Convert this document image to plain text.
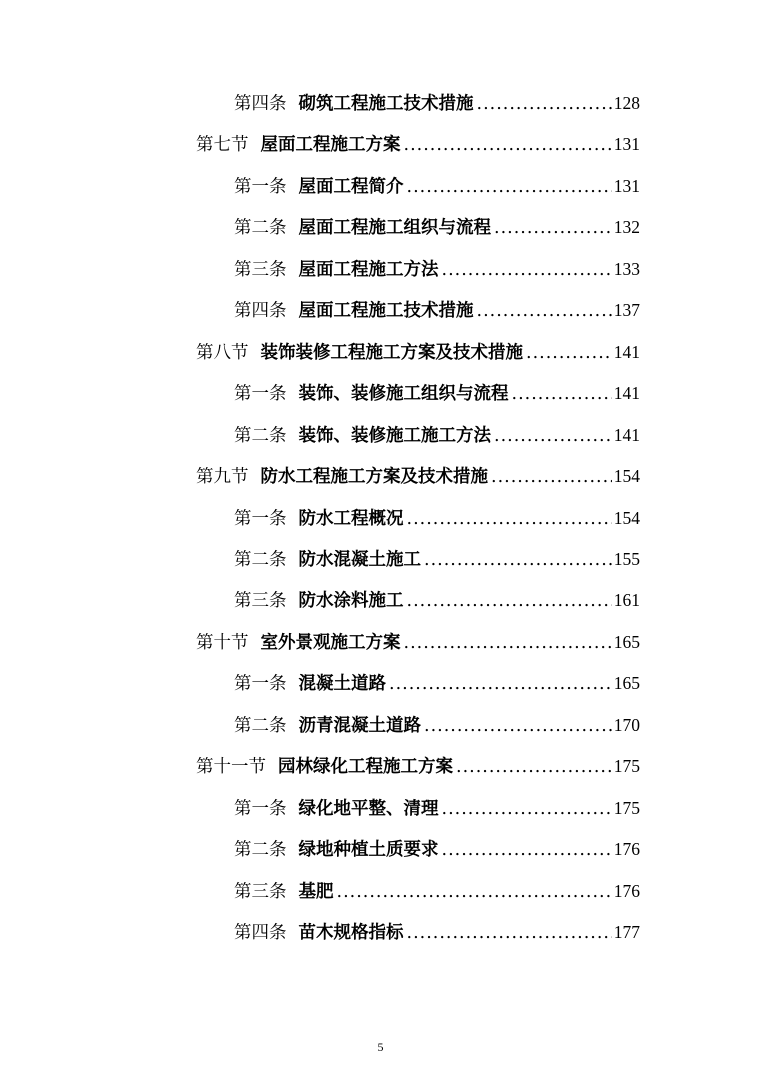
第四条 砌筑工程施工技术措施 .....	128
第七节 屋面工程施工方案 .....	131
第一条 屋面工程简介 .....	131
第二条 屋面工程施工组织与流程 .....	132
第三条 屋面工程施工方法 .....	133
第四条 屋面工程施工技术措施 .....	137
第八节 装饰装修工程施工方案及技术措施 .....	141
第一条 装饰、装修施工组织与流程 .....	141
第二条 装饰、装修施工施工方法 .....	141
第九节 防水工程施工方案及技术措施 .....	154
第一条 防水工程概况 .....	154
第二条 防水混凝土施工 .....	155
第三条 防水涂料施工 .....	161
第十节 室外景观施工方案 .....	165
第一条 混凝土道路 .....	165
第二条 沥青混凝土道路 .....	170
第十一节 园林绿化工程施工方案 .....	175
第一条 绿化地平整、清理 .....	175
第二条 绿地种植土质要求 .....	176
第三条 基肥 .....	176
第四条 苗木规格指标 .....	177
5
